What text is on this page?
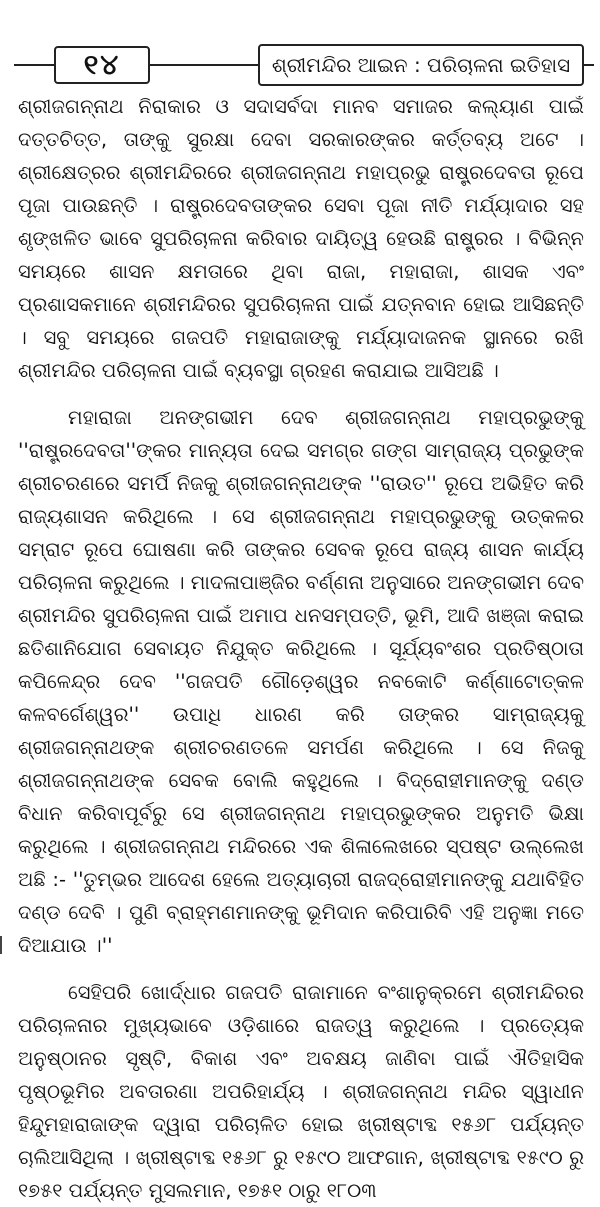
୧୪	ଶ୍ରୀମନ୍ଦିର ଆଇନ : ପରିଚାଳନା ଇତିହାସ

ଶ୍ରୀଜଗନ୍ନାଥ ନିରାକାର ଓ ସଦାସର୍ବଦା ମାନବ ସମାଜର କଲ୍ୟାଣ ପାଇଁ ଦତ୍ତଚିତ୍ତ, ତାଙ୍କୁ ସୁରକ୍ଷା ଦେବା ସରକାରଙ୍କର କର୍ତ୍ତବ୍ୟ ଅଟେ । ଶ୍ରୀକ୍ଷେତ୍ରର ଶ୍ରୀମନ୍ଦିରରେ ଶ୍ରୀଜଗନ୍ନାଥ ମହାପ୍ରଭୁ ରାଷ୍ଟ୍ରଦେବତା ରୂପେ ପୂଜା ପାଉଛନ୍ତି । ରାଷ୍ଟ୍ରଦେବତାଙ୍କର ସେବା ପୂଜା ନୀତି ମର୍ଯ୍ୟାଦାର ସହ ଶୃଙ୍ଖଳିତ ଭାବେ ସୁପରିଚାଳନା କରିବାର ଦାୟିତ୍ୱ ହେଉଛି ରାଷ୍ଟ୍ରର । ବିଭିନ୍ନ ସମୟରେ ଶାସନ କ୍ଷମତାରେ ଥିବା ରାଜା, ମହାରାଜା, ଶାସକ ଏବଂ ପ୍ରଶାସକମାନେ ଶ୍ରୀମନ୍ଦିରର ସୁପରିଚାଳନା ପାଇଁ ଯତ୍ନବାନ ହୋଇ ଆସିଛନ୍ତି । ସବୁ ସମୟରେ ଗଜପତି ମହାରାଜାଙ୍କୁ ମର୍ଯ୍ୟାଦାଜନକ ସ୍ଥାନରେ ରଖି ଶ୍ରୀମନ୍ଦିର ପରିଚାଳନା ପାଇଁ ବ୍ୟବସ୍ଥା ଗ୍ରହଣ କରାଯାଇ ଆସିଅଛି ।

ମହାରାଜା ଅନଙ୍ଗଭୀମ ଦେବ ଶ୍ରୀଜଗନ୍ନାଥ ମହାପ୍ରଭୁଙ୍କୁ ''ରାଷ୍ଟ୍ରଦେବତା''ଙ୍କର ମାନ୍ୟତା ଦେଇ ସମଗ୍ର ଗଙ୍ଗ ସାମ୍ରାଜ୍ୟ ପ୍ରଭୁଙ୍କ ଶ୍ରୀଚରଣରେ ସମର୍ପି ନିଜକୁ ଶ୍ରୀଜଗନ୍ନାଥଙ୍କ ''ରାଉତ'' ରୂପେ ଅଭିହିତ କରି ରାଜ୍ୟଶାସନ କରିଥିଲେ । ସେ ଶ୍ରୀଜଗନ୍ନାଥ ମହାପ୍ରଭୁଙ୍କୁ ଉତ୍କଳର ସମ୍ରାଟ ରୂପେ ଘୋଷଣା କରି ତାଙ୍କର ସେବକ ରୂପେ ରାଜ୍ୟ ଶାସନ କାର୍ଯ୍ୟ ପରିଚାଳନା କରୁଥିଲେ । ମାଦଳାପାଞ୍ଜିର ବର୍ଣ୍ଣନା ଅନୁସାରେ ଅନଙ୍ଗଭୀମ ଦେବ ଶ୍ରୀମନ୍ଦିର ସୁପରିଚାଳନା ପାଇଁ ଅମାପ ଧନସମ୍ପତ୍ତି, ଭୂମି, ଆଦି ଖଞ୍ଜା କରାଇ ଛତିଶାନିଯୋଗ ସେବାୟତ ନିଯୁକ୍ତ କରିଥିଲେ । ସୂର୍ଯ୍ୟବଂଶର ପ୍ରତିଷ୍ଠାତା କପିଳେନ୍ଦ୍ର ଦେବ ''ଗଜପତି ଗୌଡ଼େଶ୍ୱର ନବକୋଟି କର୍ଣ୍ଣାଟୋତ୍କଳ କଳବର୍ଗେଶ୍ୱର'' ଉପାଧି ଧାରଣ କରି ତାଙ୍କର ସାମ୍ରାଜ୍ୟକୁ ଶ୍ରୀଜଗନ୍ନାଥଙ୍କ ଶ୍ରୀଚରଣତଳେ ସମର୍ପଣ କରିଥିଲେ । ସେ ନିଜକୁ ଶ୍ରୀଜଗନ୍ନାଥଙ୍କ ସେବକ ବୋଲି କହୁଥିଲେ । ବିଦ୍ରୋହୀମାନଙ୍କୁ ଦଣ୍ଡ ବିଧାନ କରିବାପୂର୍ବରୁ ସେ ଶ୍ରୀଜଗନ୍ନାଥ ମହାପ୍ରଭୁଙ୍କର ଅନୁମତି ଭିକ୍ଷା କରୁଥିଲେ । ଶ୍ରୀଜଗନ୍ନାଥ ମନ୍ଦିରରେ ଏକ ଶିଳାଲେଖରେ ସ୍ପଷ୍ଟ ଉଲ୍ଲେଖ ଅଛି :- ''ତୁମ୍ଭର ଆଦେଶ ହେଲେ ଅତ୍ୟାଚାରୀ ରାଜଦ୍ରୋହୀମାନଙ୍କୁ ଯଥାବିହିତ ଦଣ୍ଡ ଦେବି । ପୁଣି ବ୍ରାହ୍ମଣମାନଙ୍କୁ ଭୂମିଦାନ କରିପାରିବି ଏହି ଅନୁଜ୍ଞା ମତେ ଦିଆଯାଉ ।''

ସେହିପରି ଖୋର୍ଦ୍ଧାର ଗଜପତି ରାଜାମାନେ ବଂଶାନୁକ୍ରମେ ଶ୍ରୀମନ୍ଦିରର ପରିଚାଳନାର ମୁଖ୍ୟଭାବେ ଓଡ଼ିଶାରେ ରାଜତ୍ୱ କରୁଥିଲେ । ପ୍ରତ୍ୟେକ ଅନୁଷ୍ଠାନର ସୃଷ୍ଟି, ବିକାଶ ଏବଂ ଅବକ୍ଷୟ ଜାଣିବା ପାଇଁ ଐତିହାସିକ ପୃଷ୍ଠଭୂମିର ଅବତାରଣା ଅପରିହାର୍ଯ୍ୟ । ଶ୍ରୀଜଗନ୍ନାଥ ମନ୍ଦିର ସ୍ୱାଧୀନ ହିନ୍ଦୁମହାରାଜାଙ୍କ ଦ୍ୱାରା ପରିଚାଳିତ ହୋଇ ଖ୍ରୀଷ୍ଟାବ୍ଦ ୧୫୬୮ ପର୍ଯ୍ୟନ୍ତ ଚାଲିଆସିଥିଲା । ଖ୍ରୀଷ୍ଟାବ୍ଦ ୧୫୬୮ ରୁ ୧୫୯୦ ଆଫଗାନ, ଖ୍ରୀଷ୍ଟାବ୍ଦ ୧୫୯୦ ରୁ ୧୭୫୧ ପର୍ଯ୍ୟନ୍ତ ମୁସଲମାନ, ୧୭୫୧ ଠାରୁ ୧୮୦୩
